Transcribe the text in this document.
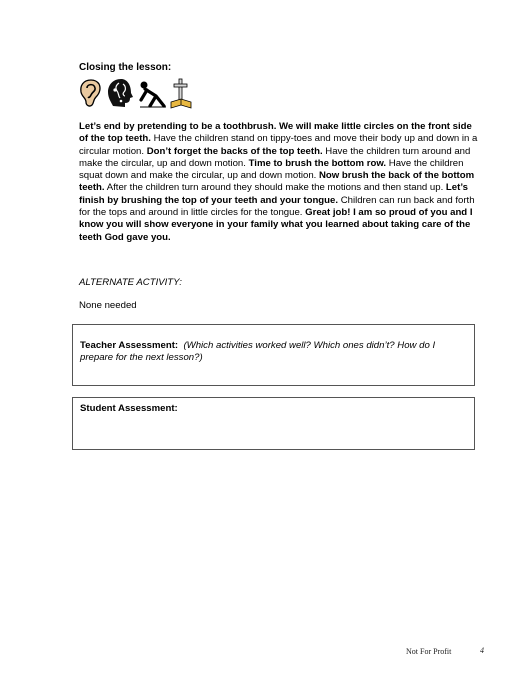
Closing the lesson:

Let’s end by pretending to be a toothbrush. We will make little circles on the front side of the top teeth. Have the children stand on tippy-toes and move their body up and down in a circular motion. Don’t forget the backs of the top teeth. Have the children turn around and make the circular, up and down motion. Time to brush the bottom row. Have the children squat down and make the circular, up and down motion. Now brush the back of the bottom teeth. After the children turn around they should make the motions and then stand up. Let’s finish by brushing the top of your teeth and your tongue. Children can run back and forth for the tops and around in little circles for the tongue. Great job! I am so proud of you and I know you will show everyone in your family what you learned about taking care of the teeth God gave you.

ALTERNATE ACTIVITY:
None needed
Teacher Assessment: (Which activities worked well? Which ones didn’t? How do I prepare for the next lesson?)
Student Assessment:
Not For Profit	4
